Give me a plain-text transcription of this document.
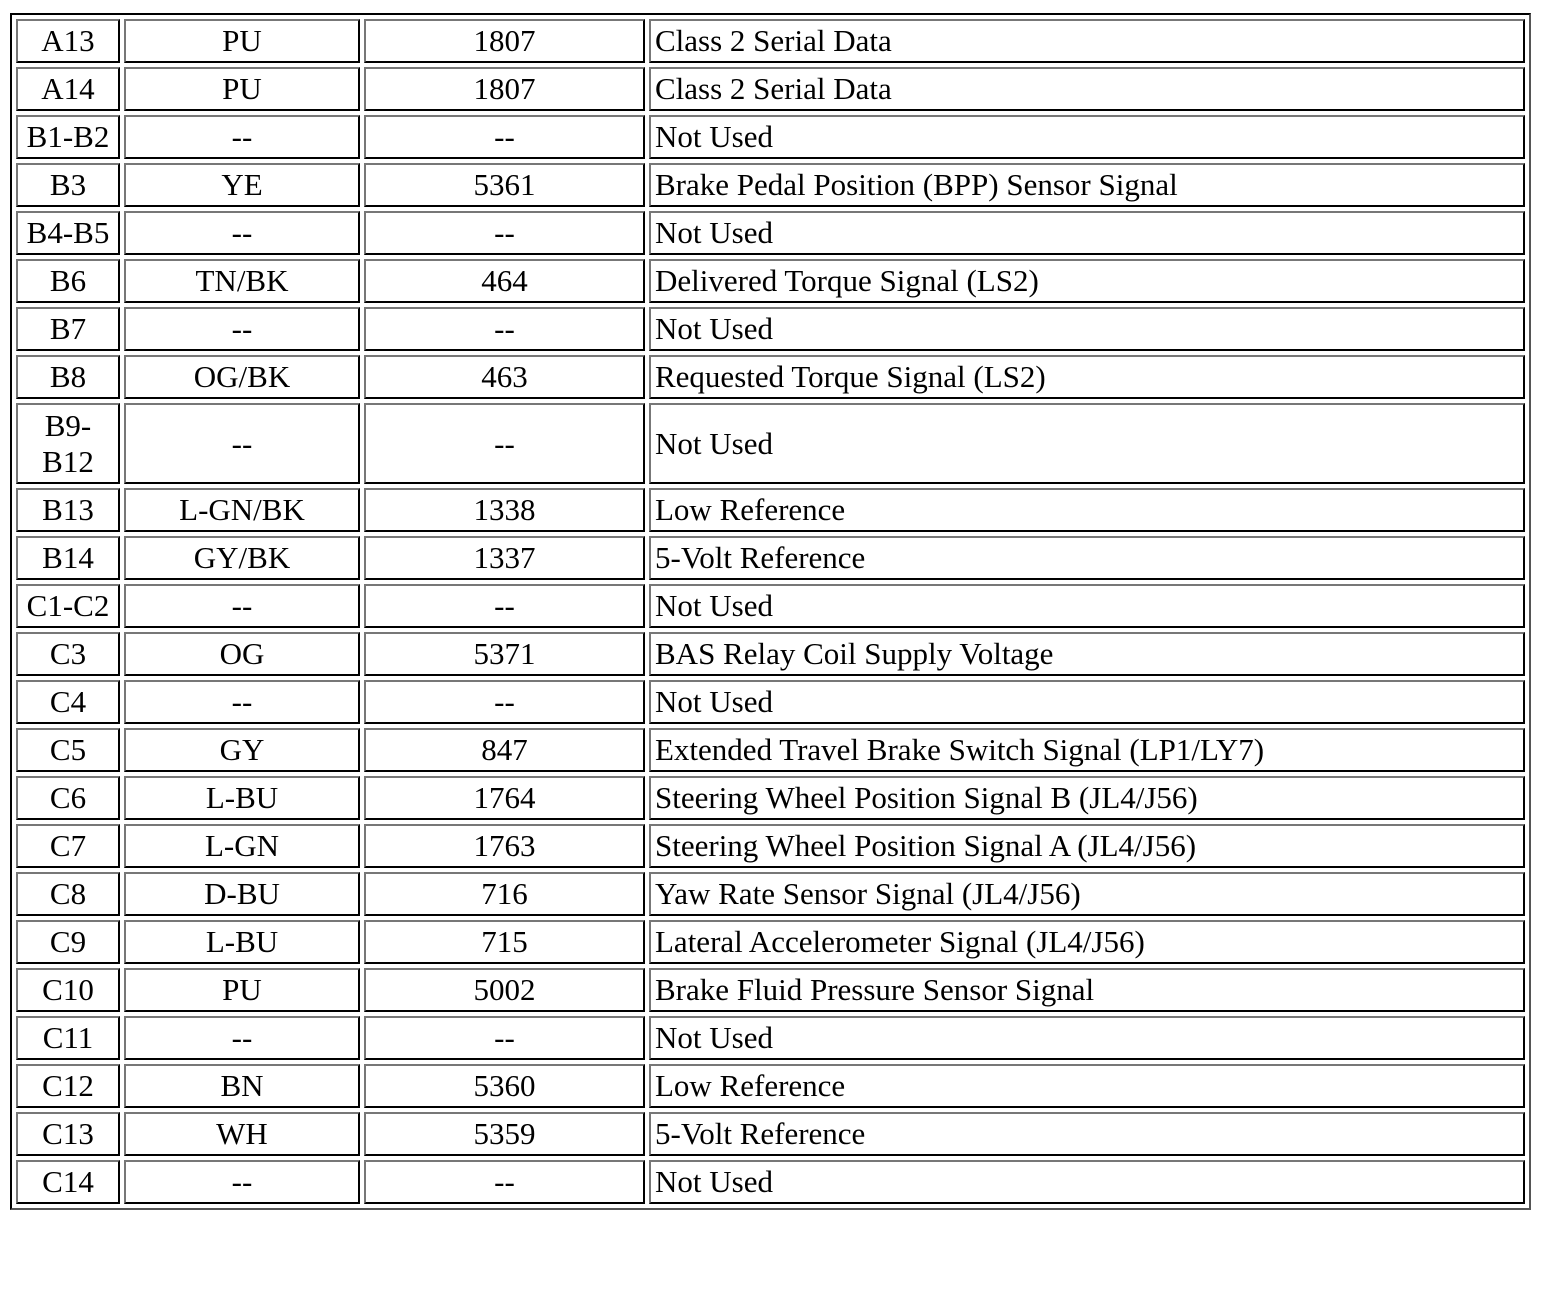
A13	PU	1807	Class 2 Serial Data
A14	PU	1807	Class 2 Serial Data
B1-B2	--	--	Not Used
B3	YE	5361	Brake Pedal Position (BPP) Sensor Signal
B4-B5	--	--	Not Used
B6	TN/BK	464	Delivered Torque Signal (LS2)
B7	--	--	Not Used
B8	OG/BK	463	Requested Torque Signal (LS2)
B9-B12	--	--	Not Used
B13	L-GN/BK	1338	Low Reference
B14	GY/BK	1337	5-Volt Reference
C1-C2	--	--	Not Used
C3	OG	5371	BAS Relay Coil Supply Voltage
C4	--	--	Not Used
C5	GY	847	Extended Travel Brake Switch Signal (LP1/LY7)
C6	L-BU	1764	Steering Wheel Position Signal B (JL4/J56)
C7	L-GN	1763	Steering Wheel Position Signal A (JL4/J56)
C8	D-BU	716	Yaw Rate Sensor Signal (JL4/J56)
C9	L-BU	715	Lateral Accelerometer Signal (JL4/J56)
C10	PU	5002	Brake Fluid Pressure Sensor Signal
C11	--	--	Not Used
C12	BN	5360	Low Reference
C13	WH	5359	5-Volt Reference
C14	--	--	Not Used
